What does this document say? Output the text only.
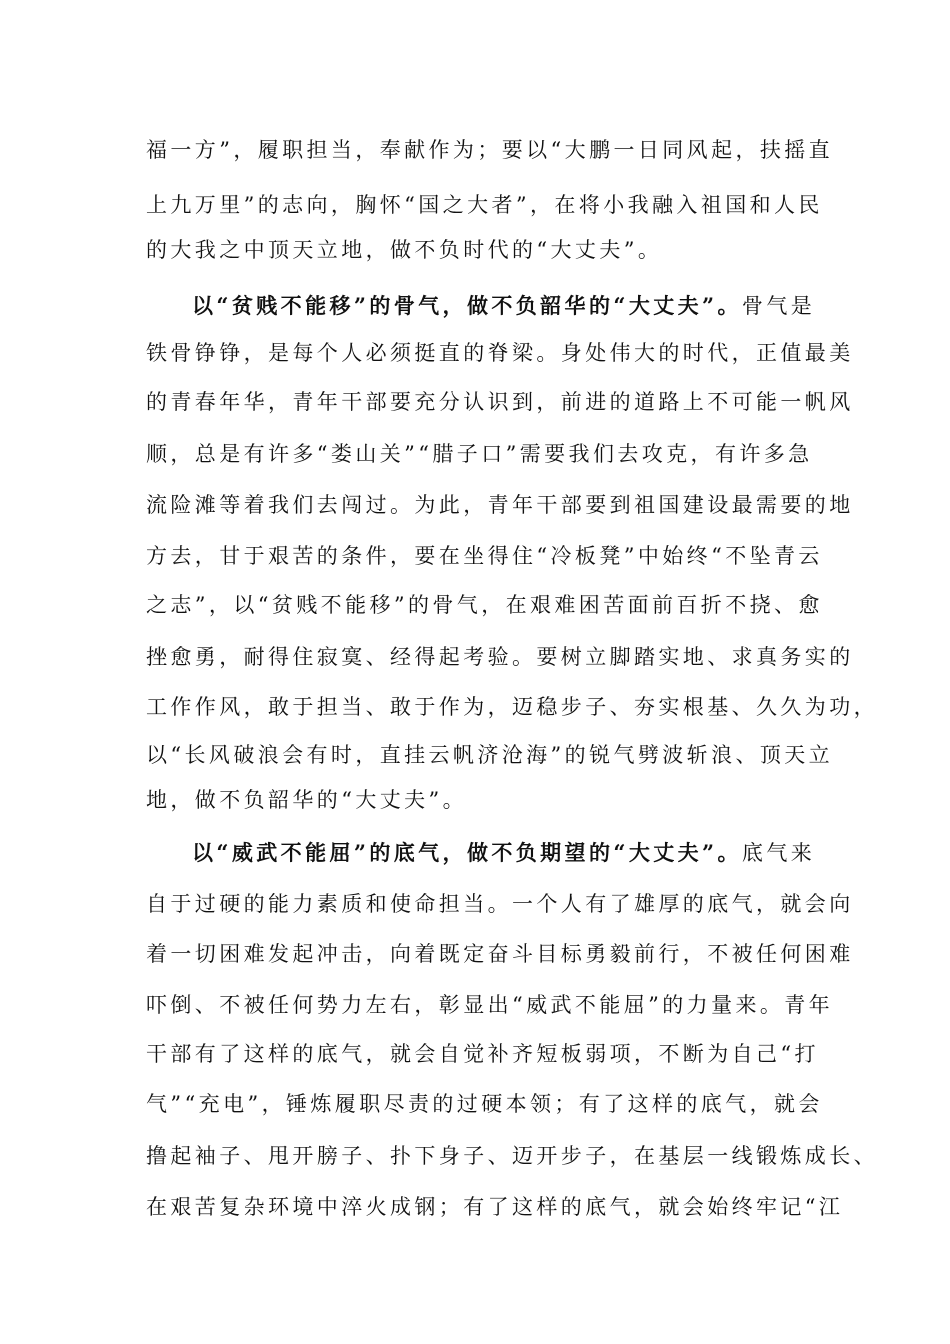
福一方”，履职担当，奉献作为；要以“大鹏一日同风起，扶摇直
上九万里”的志向，胸怀“国之大者”，在将小我融入祖国和人民
的大我之中顶天立地，做不负时代的“大丈夫”。
以“贫贱不能移”的骨气，做不负韶华的“大丈夫”。骨气是
铁骨铮铮，是每个人必须挺直的脊梁。身处伟大的时代，正值最美
的青春年华，青年干部要充分认识到，前进的道路上不可能一帆风
顺，总是有许多“娄山关”“腊子口”需要我们去攻克，有许多急
流险滩等着我们去闯过。为此，青年干部要到祖国建设最需要的地
方去，甘于艰苦的条件，要在坐得住“冷板凳”中始终“不坠青云
之志”，以“贫贱不能移”的骨气，在艰难困苦面前百折不挠、愈
挫愈勇，耐得住寂寞、经得起考验。要树立脚踏实地、求真务实的
工作作风，敢于担当、敢于作为，迈稳步子、夯实根基、久久为功，
以“长风破浪会有时，直挂云帆济沧海”的锐气劈波斩浪、顶天立
地，做不负韶华的“大丈夫”。
以“威武不能屈”的底气，做不负期望的“大丈夫”。底气来
自于过硬的能力素质和使命担当。一个人有了雄厚的底气，就会向
着一切困难发起冲击，向着既定奋斗目标勇毅前行，不被任何困难
吓倒、不被任何势力左右，彰显出“威武不能屈”的力量来。青年
干部有了这样的底气，就会自觉补齐短板弱项，不断为自己“打
气”“充电”，锤炼履职尽责的过硬本领；有了这样的底气，就会
撸起袖子、甩开膀子、扑下身子、迈开步子，在基层一线锻炼成长、
在艰苦复杂环境中淬火成钢；有了这样的底气，就会始终牢记“江
